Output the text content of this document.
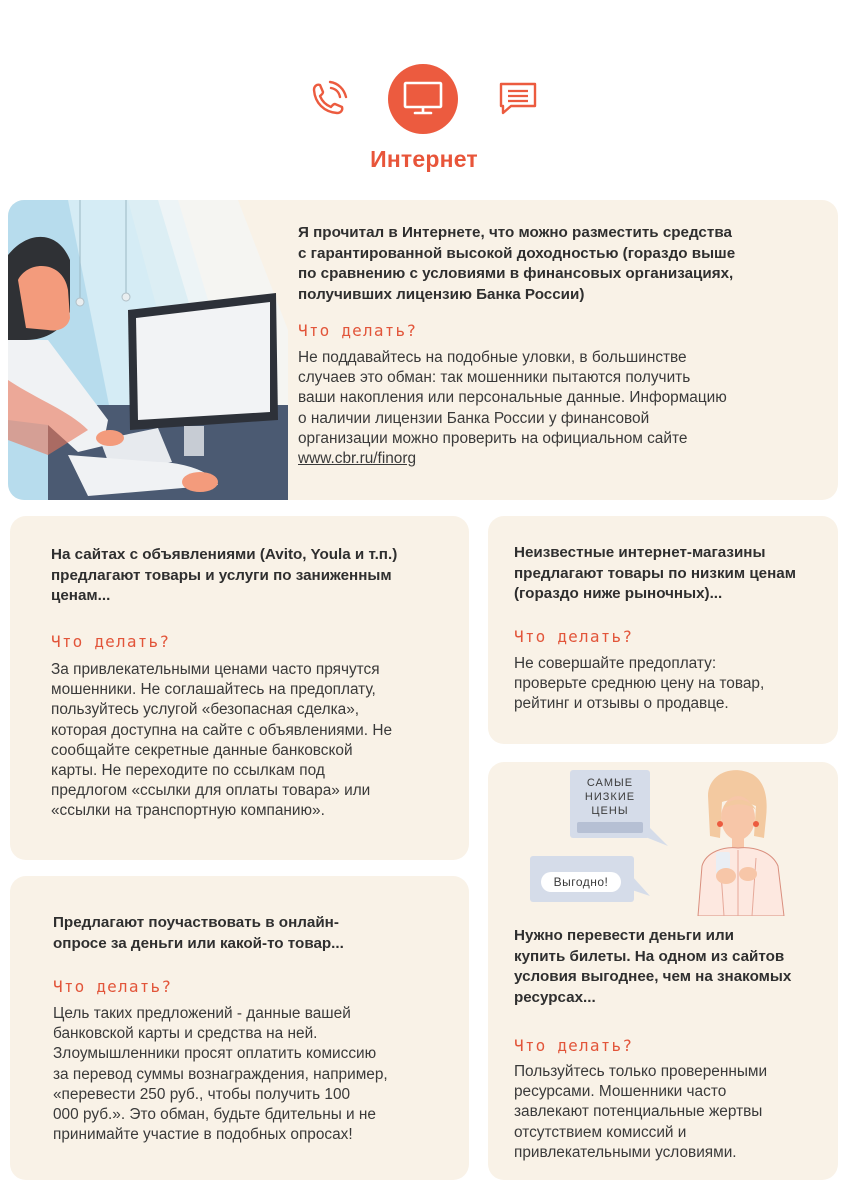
Интернет
Я прочитал в Интернете, что можно разместить средства
с гарантированной высокой доходностью (гораздо выше
по сравнению с условиями в финансовых организациях,
получивших лицензию Банка России)
Что делать?
Не поддавайтесь на подобные уловки, в большинстве
случаев это обман: так мошенники пытаются получить
ваши накопления или персональные данные. Информацию
о наличии лицензии Банка России у финансовой
организации можно проверить на официальном сайте
www.cbr.ru/finorg
На сайтах с объявлениями (Avito, Youla и т.п.)
предлагают товары и услуги по заниженным
ценам...
Что делать?
За привлекательными ценами часто прячутся
мошенники. Не соглашайтесь на предоплату,
пользуйтесь услугой «безопасная сделка»,
которая доступна на сайте с объявлениями. Не
сообщайте секретные данные банковской
карты. Не переходите по ссылкам под
предлогом «ссылки для оплаты товара» или
«ссылки на транспортную компанию».
Неизвестные интернет-магазины
предлагают товары по низким ценам
(гораздо ниже рыночных)...
Что делать?
Не совершайте предоплату:
проверьте среднюю цену на товар,
рейтинг и отзывы о продавце.
Предлагают поучаствовать в онлайн-
опросе за деньги или какой-то товар...
Что делать?
Цель таких предложений - данные вашей
банковской карты и средства на ней.
Злоумышленники просят оплатить комиссию
за перевод суммы вознаграждения, например,
«перевести 250 руб., чтобы получить 100
000 руб.». Это обман, будьте бдительны и не
принимайте участие в подобных опросах!
Нужно перевести деньги или
купить билеты. На одном из сайтов
условия выгоднее, чем на знакомых
ресурсах...
Что делать?
Пользуйтесь только проверенными
ресурсами. Мошенники часто
завлекают потенциальные жертвы
отсутствием комиссий и
привлекательными условиями.
САМЫЕ
НИЗКИЕ
ЦЕНЫ
Выгодно!
